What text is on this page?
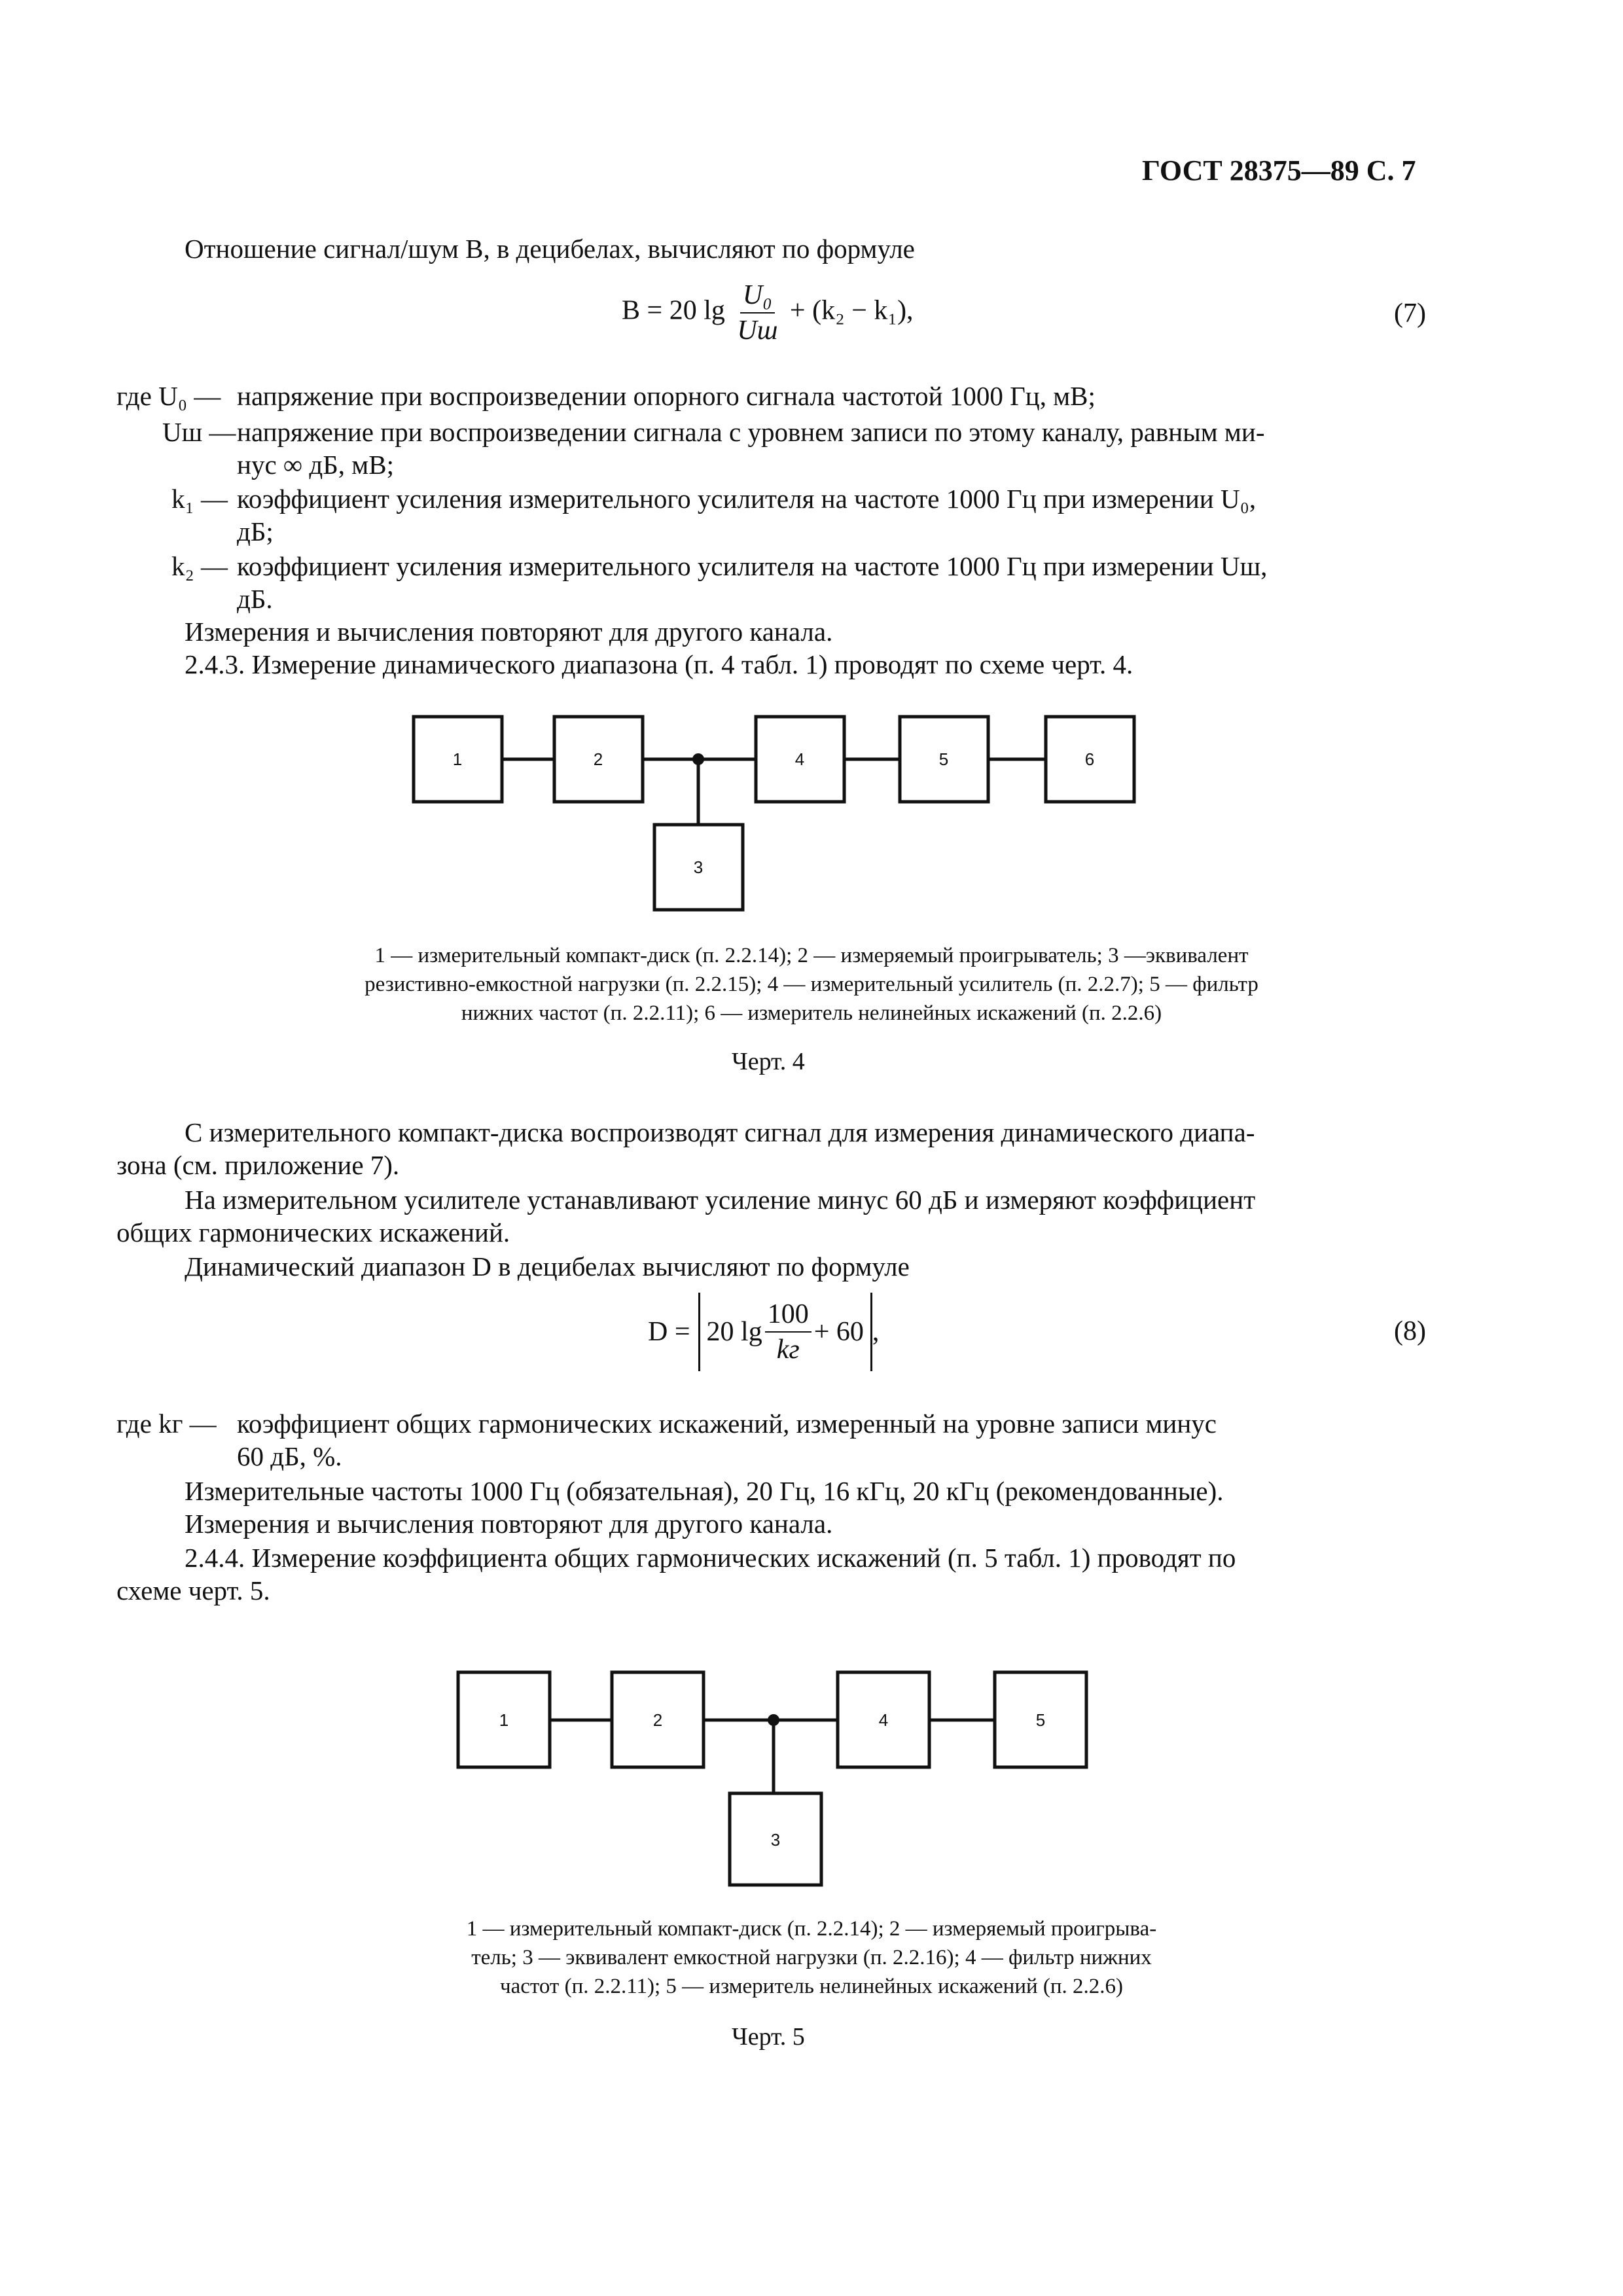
ГОСТ 28375—89 С. 7
Отношение сигнал/шум B, в децибелах, вычисляют по формуле
B = 20 $\lg \frac{\text{U₀}}{Uш} + (k_2 - k_1)$,	(7)
где U₀ — напряжение при воспроизведении опорного сигнала частотой 1000 Гц, мВ;
Uш — напряжение при воспроизведении сигнала с уровнем записи по этому каналу, равным ми-
нус ∞ дБ, мВ;
k₁ — коэффициент усиления измерительного усилителя на частоте 1000 Гц при измерении U₀,
дБ;
k₂ — коэффициент усиления измерительного усилителя на частоте 1000 Гц при измерении Uш,
дБ.
Измерения и вычисления повторяют для другого канала.
2.4.3. Измерение динамического диапазона (п. 4 табл. 1) проводят по схеме черт. 4.
1	2
3
4	5	6
1 — измерительный компакт-диск (п. 2.2.14); 2 — измеряемый проигрыватель; 3 —эквивалент
резистивно-емкостной нагрузки (п. 2.2.15); 4 — измерительный усилитель (п. 2.2.7); 5 — фильтр
нижних частот (п. 2.2.11); 6 — измеритель нелинейных искажений (п. 2.2.6)
Черт. 4
С измерительного компакт-диска воспроизводят сигнал для измерения динамического диапа-
зона (см. приложение 7).
На измерительном усилителе устанавливают усиление минус 60 дБ и измеряют коэффициент
общих гармонических искажений.
Динамический диапазон D в децибелах вычисляют по формуле
D = 20 $\lg \frac{100}{kг} + 60$ ,	(8)
где kг — коэффициент общих гармонических искажений, измеренный на уровне записи минус
60 дБ, %.
Измерительные частоты 1000 Гц (обязательная), 20 Гц, 16 кГц, 20 кГц (рекомендованные).
Измерения и вычисления повторяют для другого канала.
2.4.4. Измерение коэффициента общих гармонических искажений (п. 5 табл. 1) проводят по
схеме черт. 5.
1	2
3
4	5
1 — измерительный компакт-диск (п. 2.2.14); 2 — измеряемый проигрыва-
тель; 3 — эквивалент емкостной нагрузки (п. 2.2.16); 4 — фильтр нижних
частот (п. 2.2.11); 5 — измеритель нелинейных искажений (п. 2.2.6)
Черт. 5
